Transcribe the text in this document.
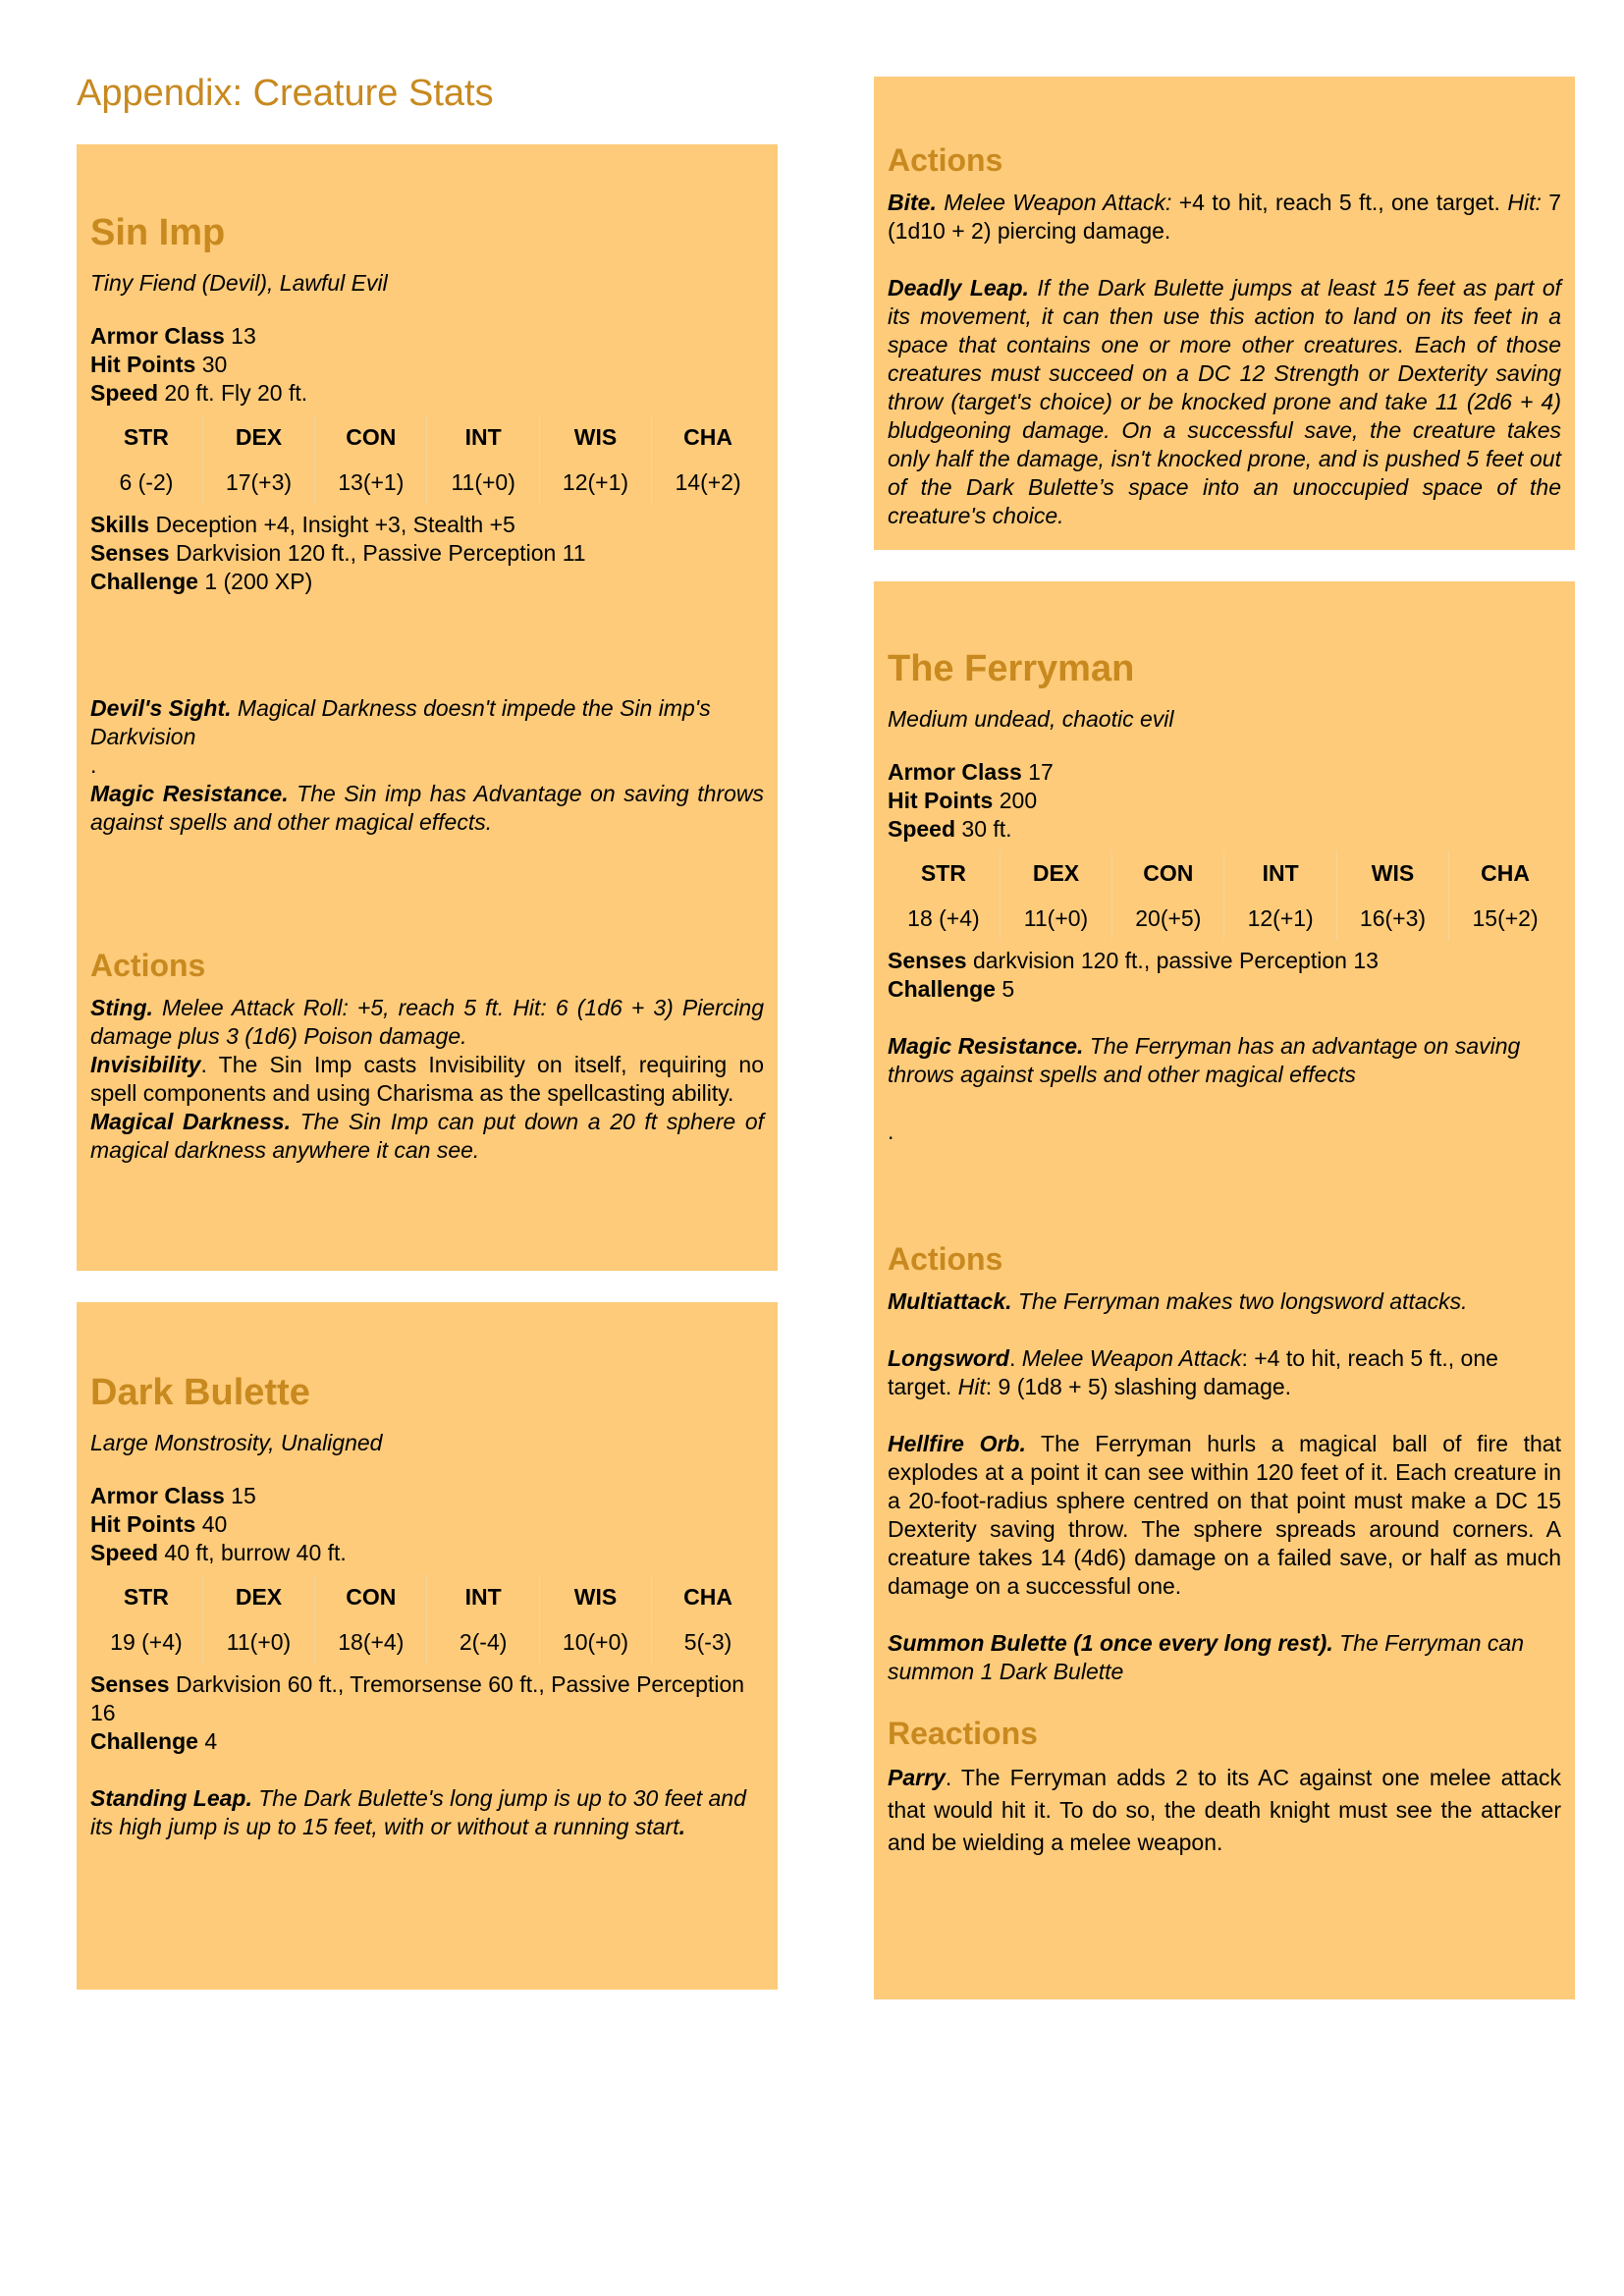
Appendix: Creature Stats
Sin Imp

Tiny Fiend (Devil), Lawful Evil

Armor Class 13

Hit Points 30

Speed 20 ft. Fly 20 ft.

STR	DEX	CON	INT	WIS	CHA
6 (-2)	17(+3)	13(+1)	11(+0)	12(+1)	14(+2)

Skills Deception +4, Insight +3, Stealth +5

Senses Darkvision 120 ft., Passive Perception 11

Challenge 1 (200 XP)

Devil's Sight. Magical Darkness doesn't impede the Sin imp's Darkvision

.

Magic Resistance. The Sin imp has Advantage on saving throws against spells and other magical effects.

Actions

Sting. Melee Attack Roll: +5, reach 5 ft. Hit: 6 (1d6 + 3) Piercing damage plus 3 (1d6) Poison damage.

Invisibility. The Sin Imp casts Invisibility on itself, requiring no spell components and using Charisma as the spellcasting ability.

Magical Darkness. The Sin Imp can put down a 20 ft sphere of magical darkness anywhere it can see.

Dark Bulette

Large Monstrosity, Unaligned

Armor Class 15

Hit Points 40

Speed 40 ft, burrow 40 ft.

STR	DEX	CON	INT	WIS	CHA
19 (+4)	11(+0)	18(+4)	2(-4)	10(+0)	5(-3)

Senses Darkvision 60 ft., Tremorsense 60 ft., Passive Perception 16

Challenge 4

Standing Leap. The Dark Bulette's long jump is up to 30 feet and its high jump is up to 15 feet, with or without a running start.

Actions

Bite. Melee Weapon Attack: +4 to hit, reach 5 ft., one target. Hit: 7 (1d10 + 2) piercing damage.

Deadly Leap. If the Dark Bulette jumps at least 15 feet as part of its movement, it can then use this action to land on its feet in a space that contains one or more other creatures. Each of those creatures must succeed on a DC 12 Strength or Dexterity saving throw (target's choice) or be knocked prone and take 11 (2d6 + 4) bludgeoning damage. On a successful save, the creature takes only half the damage, isn't knocked prone, and is pushed 5 feet out of the Dark Bulette’s space into an unoccupied space of the creature's choice.

The Ferryman

Medium undead, chaotic evil

Armor Class 17

Hit Points 200

Speed 30 ft.

STR	DEX	CON	INT	WIS	CHA
18 (+4)	11(+0)	20(+5)	12(+1)	16(+3)	15(+2)

Senses darkvision 120 ft., passive Perception 13

Challenge 5

Magic Resistance. The Ferryman has an advantage on saving throws against spells and other magical effects

.

Actions

Multiattack. The Ferryman makes two longsword attacks.

Longsword. Melee Weapon Attack: +4 to hit, reach 5 ft., one target. Hit: 9 (1d8 + 5) slashing damage.

Hellfire Orb. The Ferryman hurls a magical ball of fire that explodes at a point it can see within 120 feet of it. Each creature in a 20-foot-radius sphere centred on that point must make a DC 15 Dexterity saving throw. The sphere spreads around corners. A creature takes 14 (4d6) damage on a failed save, or half as much damage on a successful one.

Summon Bulette (1 once every long rest). The Ferryman can summon 1 Dark Bulette

Reactions

Parry. The Ferryman adds 2 to its AC against one melee attack that would hit it. To do so, the death knight must see the attacker and be wielding a melee weapon.
